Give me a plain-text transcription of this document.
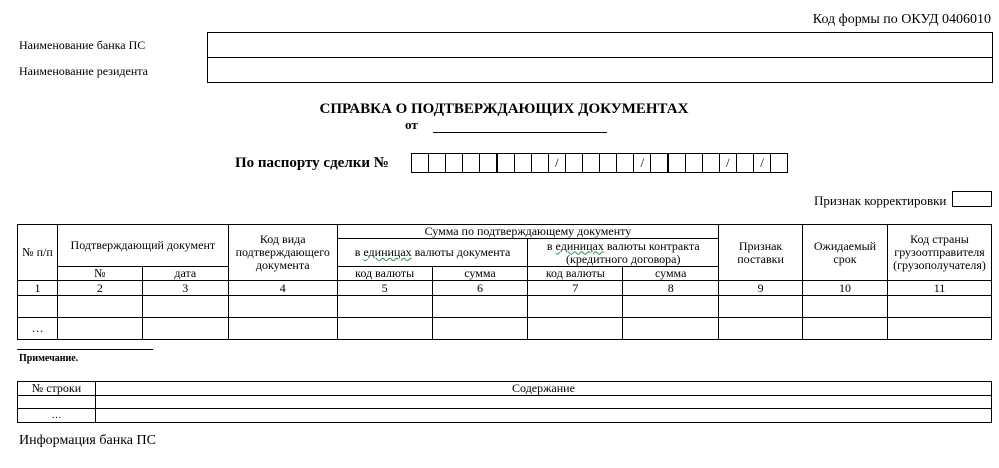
Код формы по ОКУД 0406010
Наименование банка ПС
Наименование резидента
СПРАВКА О ПОДТВЕРЖДАЮЩИХ ДОКУМЕНТАХ
от
По паспорту сделки №	/	/	/	/
Признак корректировки
№ п/п	Подтверждающий документ		Код вида подтверждающего документа	Сумма по подтверждающему документу				Признак поставки	Ожидаемый срок	Код страны грузоотправителя (грузополучателя)
				в единицах валюты документа		в единицах валюты контракта (кредитного договора)				
	№	дата		код валюты	сумма	код валюты	сумма			
1	2	3	4	5	6	7	8	9	10	11

…										
Примечание.
№ строки	Содержание

…	
Информация банка ПС
